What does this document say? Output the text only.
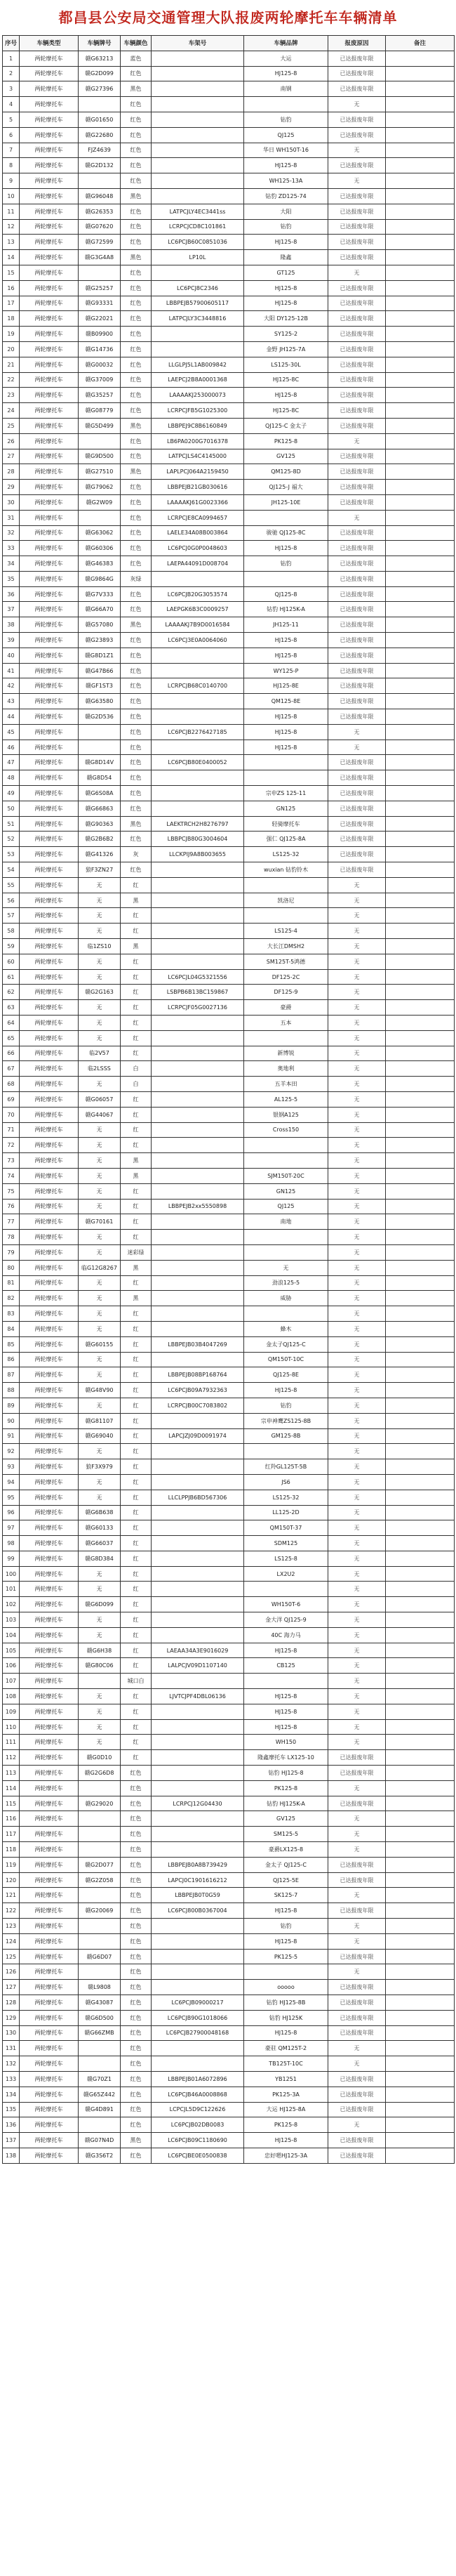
都昌县公安局交通管理大队报废两轮摩托车车辆清单
序号	车辆类型	车辆牌号	车辆颜色	车架号	车辆品牌	报废原因	备注
1	两轮摩托车	赣G63213	蓝色		大运	已达报废年限	
2	两轮摩托车	赣G2D099	红色		HJ125-8	已达报废年限	
3	两轮摩托车	赣G27396	黑色		南钢	已达报废年限	
4	两轮摩托车		红色			无	
5	两轮摩托车	赣G01650	红色		钻豹	已达报废年限	
6	两轮摩托车	赣G22680	红色		QJ125	已达报废年限	
7	两轮摩托车	FJZ4639	红色		华日 WH150T-16	无	
8	两轮摩托车	赣G2D132	红色		HJ125-8	已达报废年限	
9	两轮摩托车		红色		WH125-13A	无	
10	两轮摩托车	赣G96048	黑色		钻豹 ZD125-74	已达报废年限	
11	两轮摩托车	赣G26353	红色	LATPCJLY4EC3441ss	大阳	已达报废年限	
12	两轮摩托车	赣G07620	红色	LCRPCJCD8C101861	钻豹	已达报废年限	
13	两轮摩托车	赣G72599	红色	LC6PCJB60C0851036	HJ125-8	已达报废年限	
14	两轮摩托车	赣G3G4A8	黑色	LP10L	隆鑫	已达报废年限	
15	两轮摩托车		红色		GT125	无	
16	两轮摩托车	赣G25257	红色	LC6PCJ8C2346	HJ125-8	已达报废年限	
17	两轮摩托车	赣G93331	红色	LBBPEJB57900605117	HJ125-8	已达报废年限	
18	两轮摩托车	赣G22021	红色	LATPCJLY3C3448816	大阳 DY125-12B	已达报废年限	
19	两轮摩托车	赣B09900	红色		SY125-2	已达报废年限	
20	两轮摩托车	赣G14736	红色		金野 JH125-7A	已达报废年限	
21	两轮摩托车	赣G00032	红色	LLGLPJ5L1AB009842	LS125-30L	已达报废年限	
22	两轮摩托车	赣G37009	红色	LAEPCJ2B8A0001368	HJ125-8C	已达报废年限	
23	两轮摩托车	赣G35257	红色	LAAAAKJ253000073	HJ125-8	已达报废年限	
24	两轮摩托车	赣G08779	红色	LCRPCJFB5G1025300	HJ125-8C	已达报废年限	
25	两轮摩托车	赣G5D499	黑色	LBBPEJ9C8B6160849	QJ125-C 金太子	已达报废年限	
26	两轮摩托车		红色	LB6PA0200G7016378	PK125-8	无	
27	两轮摩托车	赣G9D500	红色	LATPCJLS4C4145000	GV125	已达报废年限	
28	两轮摩托车	赣G27510	黑色	LAPLPCJ064A2159450	QM125-8D	已达报废年限	
29	两轮摩托车	赣G79062	红色	LBBPEJB21GB030616	QJ125-J 福大	已达报废年限	
30	两轮摩托车	赣G2W09	红色	LAAAAKJ61G0023366	JH125-10E	已达报废年限	
31	两轮摩托车		红色	LCRPCJE8CA0994657		无	
32	两轮摩托车	赣G63062	红色	LAELE34A08B003864	骏驰 QJ125-8C	已达报废年限	
33	两轮摩托车	赣G60306	红色	LC6PCJ0G0P0048603	HJ125-8	已达报废年限	
34	两轮摩托车	赣G46383	红色	LAEPA44091D008704	钻豹	已达报废年限	
35	两轮摩托车	赣G9864G	灰绿			已达报废年限	
36	两轮摩托车	赣G7V333	红色	LC6PCJB20G3053574	QJ125-8	已达报废年限	
37	两轮摩托车	赣G66A70	红色	LAEPGK6B3C0009257	钻豹 HJ125K-A	已达报废年限	
38	两轮摩托车	赣G57080	黑色	LAAAAKJ7B9D0016584	JH125-11	已达报废年限	
39	两轮摩托车	赣G23893	红色	LC6PCJ3E0A0064060	HJ125-8	已达报废年限	
40	两轮摩托车	赣G8D1Z1	红色		HJ125-8	已达报废年限	
41	两轮摩托车	赣G47B66	红色		WY125-P	已达报废年限	
42	两轮摩托车	赣GF1ST3	红色	LCRPCJB68C0140700	HJ125-8E	已达报废年限	
43	两轮摩托车	赣G63580	红色		QM125-8E	已达报废年限	
44	两轮摩托车	赣G2D536	红色		HJ125-8	已达报废年限	
45	两轮摩托车		红色	LC6PCJB2276427185	HJ125-8	无	
46	两轮摩托车		红色		HJ125-8	无	
47	两轮摩托车	赣G8D14V	红色	LC6PCJB80E0400052		已达报废年限	
48	两轮摩托车	赣G8D54	红色			已达报废年限	
49	两轮摩托车	赣G6S08A	红色		宗申ZS 125-11	已达报废年限	
50	两轮摩托车	赣G66863	红色		GN125	已达报废年限	
51	两轮摩托车	赣G90363	黑色	LAEKTRCH2H8276797	轻骑摩托车	已达报废年限	
52	两轮摩托车	赣G2B6B2	红色	LBBPCJB80G3004604	强仁 QJ125-8A	已达报废年限	
53	两轮摩托车	赣G41326	灰	LLCKPIJ9A8B003655	LS125-32	已达报废年限	
54	两轮摩托车	狼F3ZN27	红色		wuxian 钻豹铃木	已达报废年限	
55	两轮摩托车	无	红			无	
56	两轮摩托车	无	黑		凯洛尼	无	
57	两轮摩托车	无	红			无	
58	两轮摩托车	无	红		LS125-4	无	
59	两轮摩托车	临1ZS10	黑		大长江DMSH2	无	
60	两轮摩托车	无	红		SM125T-5鸿德	无	
61	两轮摩托车	无	红	LC6PCJL04G5321556	DF125-2C	无	
62	两轮摩托车	赣G2G163	红	LSBPB6B13BC159867	DF125-9	无	
63	两轮摩托车	无	红	LCRPCJF05G0027136	豪爵	无	
64	两轮摩托车	无	红		五本	无	
65	两轮摩托车	无	红			无	
66	两轮摩托车	临2V57	红		新博锐	无	
67	两轮摩托车	临2LSSS	白		奥地利	无	
68	两轮摩托车	无	白		五羊本田	无	
69	两轮摩托车	赣G06057	红		AL125-5	无	
70	两轮摩托车	赣G44067	红		银钢A125	无	
71	两轮摩托车	无	红		Cross150	无	
72	两轮摩托车	无	红			无	
73	两轮摩托车	无	黑			无	
74	两轮摩托车	无	黑		SJM150T-20C	无	
75	两轮摩托车	无	红		GN125	无	
76	两轮摩托车	无	红	LBBPEJB2xx5550898	QJ125	无	
77	两轮摩托车	赣G70161	红		南地	无	
78	两轮摩托车	无	红			无	
79	两轮摩托车	无	迷彩绿			无	
80	两轮摩托车	临G12G8267	黑		无	无	
81	两轮摩托车	无	红		劲浪125-5	无	
82	两轮摩托车	无	黑		威胁	无	
83	两轮摩托车	无	红			无	
84	两轮摩托车	无	红		蜂木	无	
85	两轮摩托车	赣G60155	红	LBBPEJB03B4047269	金太子QJ125-C	无	
86	两轮摩托车	无	红		QM150T-10C	无	
87	两轮摩托车	无	红	LBBPEJB08BP168764	QJ125-8E	无	
88	两轮摩托车	赣G48V90	红	LC6PCJB09A7932363	HJ125-8	无	
89	两轮摩托车	无	红	LCRPCJB00C7083802	钻豹	无	
90	两轮摩托车	赣G81107	红		宗申神鹰ZS125-8B	无	
91	两轮摩托车	赣G69040	红	LAPCJZJ09D0091974	GM125-8B	无	
92	两轮摩托车	无	红			无	
93	两轮摩托车	狼F3X979	红		红羚GL125T-5B	无	
94	两轮摩托车	无	红		JS6	无	
95	两轮摩托车	无	红	LLCLPPJB6BD567306	LS125-32	无	
96	两轮摩托车	赣G6B638	红		LL125-2D	无	
97	两轮摩托车	赣G60133	红		QM150T-37	无	
98	两轮摩托车	赣G66037	红		SDM125	无	
99	两轮摩托车	赣G8D384	红		LS125-8	无	
100	两轮摩托车	无	红		LX2U2	无	
101	两轮摩托车	无	红			无	
102	两轮摩托车	赣G6D099	红		WH150T-6	无	
103	两轮摩托车	无	红		金大洋 QJ125-9	无	
104	两轮摩托车	无	红		40C 海力马	无	
105	两轮摩托车	赣G6H38	红	LAEAA34A3E9016029	HJ125-8	无	
106	两轮摩托车	赣G80C06	红	LALPCJV09D1107140	CB125	无	
107	两轮摩托车		城口白			无	
108	两轮摩托车	无	红	LJVTCJPF4DBL06136	HJ125-8	无	
109	两轮摩托车	无	红		HJ125-8	无	
110	两轮摩托车	无	红		HJ125-8	无	
111	两轮摩托车	无	红		WH150	无	
112	两轮摩托车	赣G0D10	红		隆鑫摩托车 LX125-10	已达报废年限	
113	两轮摩托车	赣G2G6D8	红色		钻豹 HJ125-8	已达报废年限	
114	两轮摩托车		红色		PK125-8	无	
115	两轮摩托车	赣G29020	红色	LCRPCJ12G04430	钻豹 HJ125K-A	已达报废年限	
116	两轮摩托车		红色		GV125	无	
117	两轮摩托车		红色		SM125-5	无	
118	两轮摩托车		红色		豪爵LX125-8	无	
119	两轮摩托车	赣G2D077	红色	LBBPEJB0A8B739429	金太子 QJ125-C	已达报废年限	
120	两轮摩托车	赣G2Z058	红色	LAPCJ0C1901616212	QJ125-5E	已达报废年限	
121	两轮摩托车		红色	LBBPEJB0T0G59	SK125-7	无	
122	两轮摩托车	赣G20069	红色	LC6PCJ800B0367004	HJ125-8	已达报废年限	
123	两轮摩托车		红色		钻豹	无	
124	两轮摩托车		红色		HJ125-8	无	
125	两轮摩托车	赣G6D07	红色		PK125-5	已达报废年限	
126	两轮摩托车		红色			无	
127	两轮摩托车	赣L9808	红色		ooooo	已达报废年限	
128	两轮摩托车	赣G43087	红色	LC6PCJB09000217	钻豹 HJ125-8B	已达报废年限	
129	两轮摩托车	赣G6D500	红色	LC6PCJB90G1018066	钻豹 HJ125K	已达报废年限	
130	两轮摩托车	赣G66ZMB	红色	LC6PCJB27900048168	HJ125-8	已达报废年限	
131	两轮摩托车		红色		豪驻 QM125T-2	无	
132	两轮摩托车		红色		TB125T-10C	无	
133	两轮摩托车	赣G70Z1	红色	LBBPEJB01A6072896	YB1251	已达报废年限	
134	两轮摩托车	赣G65Z442	红色	LC6PCJB46A0008868	PK125-3A	已达报废年限	
135	两轮摩托车	赣G4D891	红色	LCPCJL5D9C122626	大运 HJ125-8A	已达报废年限	
136	两轮摩托车		红色	LC6PCJB02DB0083	PK125-8	无	
137	两轮摩托车	赣G07N4D	黑色	LC6PCJB09C1180690	HJ125-8	已达报废年限	
138	两轮摩托车	赣G3S6T2	红色	LC6PCJBE0E0500838	忠好嗯HJ125-3A	已达报废年限	
